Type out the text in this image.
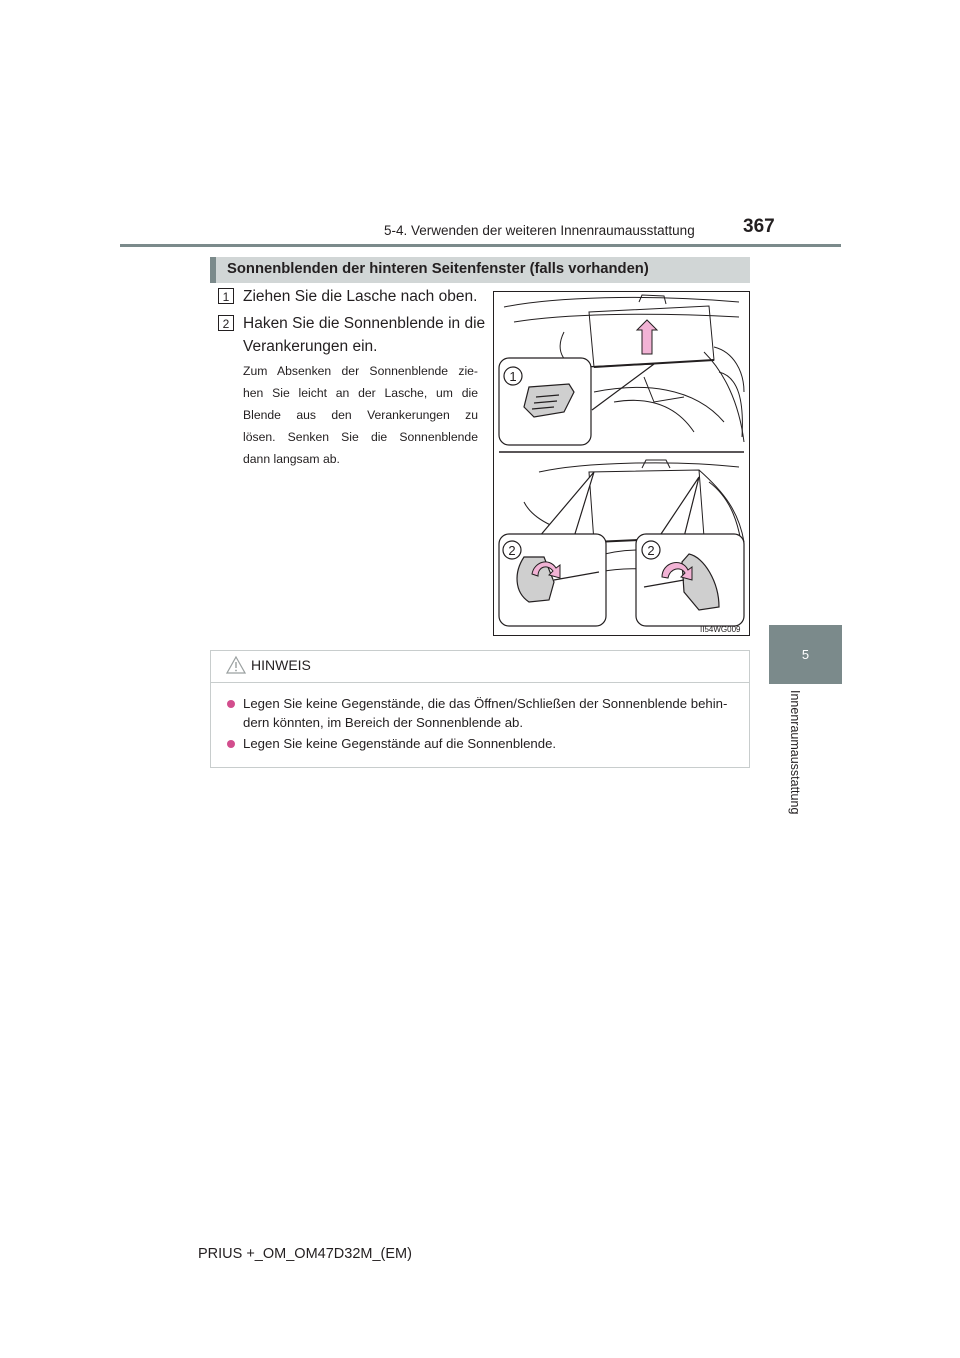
5-4. Verwenden der weiteren Innenraumausstattung	367
5
Innenraumausstattung
Sonnenblenden der hinteren Seitenfenster (falls vorhanden)
1 Ziehen Sie die Lasche nach oben.
2 Haken Sie die Sonnenblende in die
Verankerungen ein.
Zum Absenken der Sonnenblende zie-
hen Sie leicht an der Lasche, um die
Blende aus den Verankerungen zu
lösen. Senken Sie die Sonnenblende
dann langsam ab.
1
2	2
II54WG009
HINWEIS
Legen Sie keine Gegenstände, die das Öffnen/Schließen der Sonnenblende behin-
dern könnten, im Bereich der Sonnenblende ab.
Legen Sie keine Gegenstände auf die Sonnenblende.
PRIUS +_OM_OM47D32M_(EM)
